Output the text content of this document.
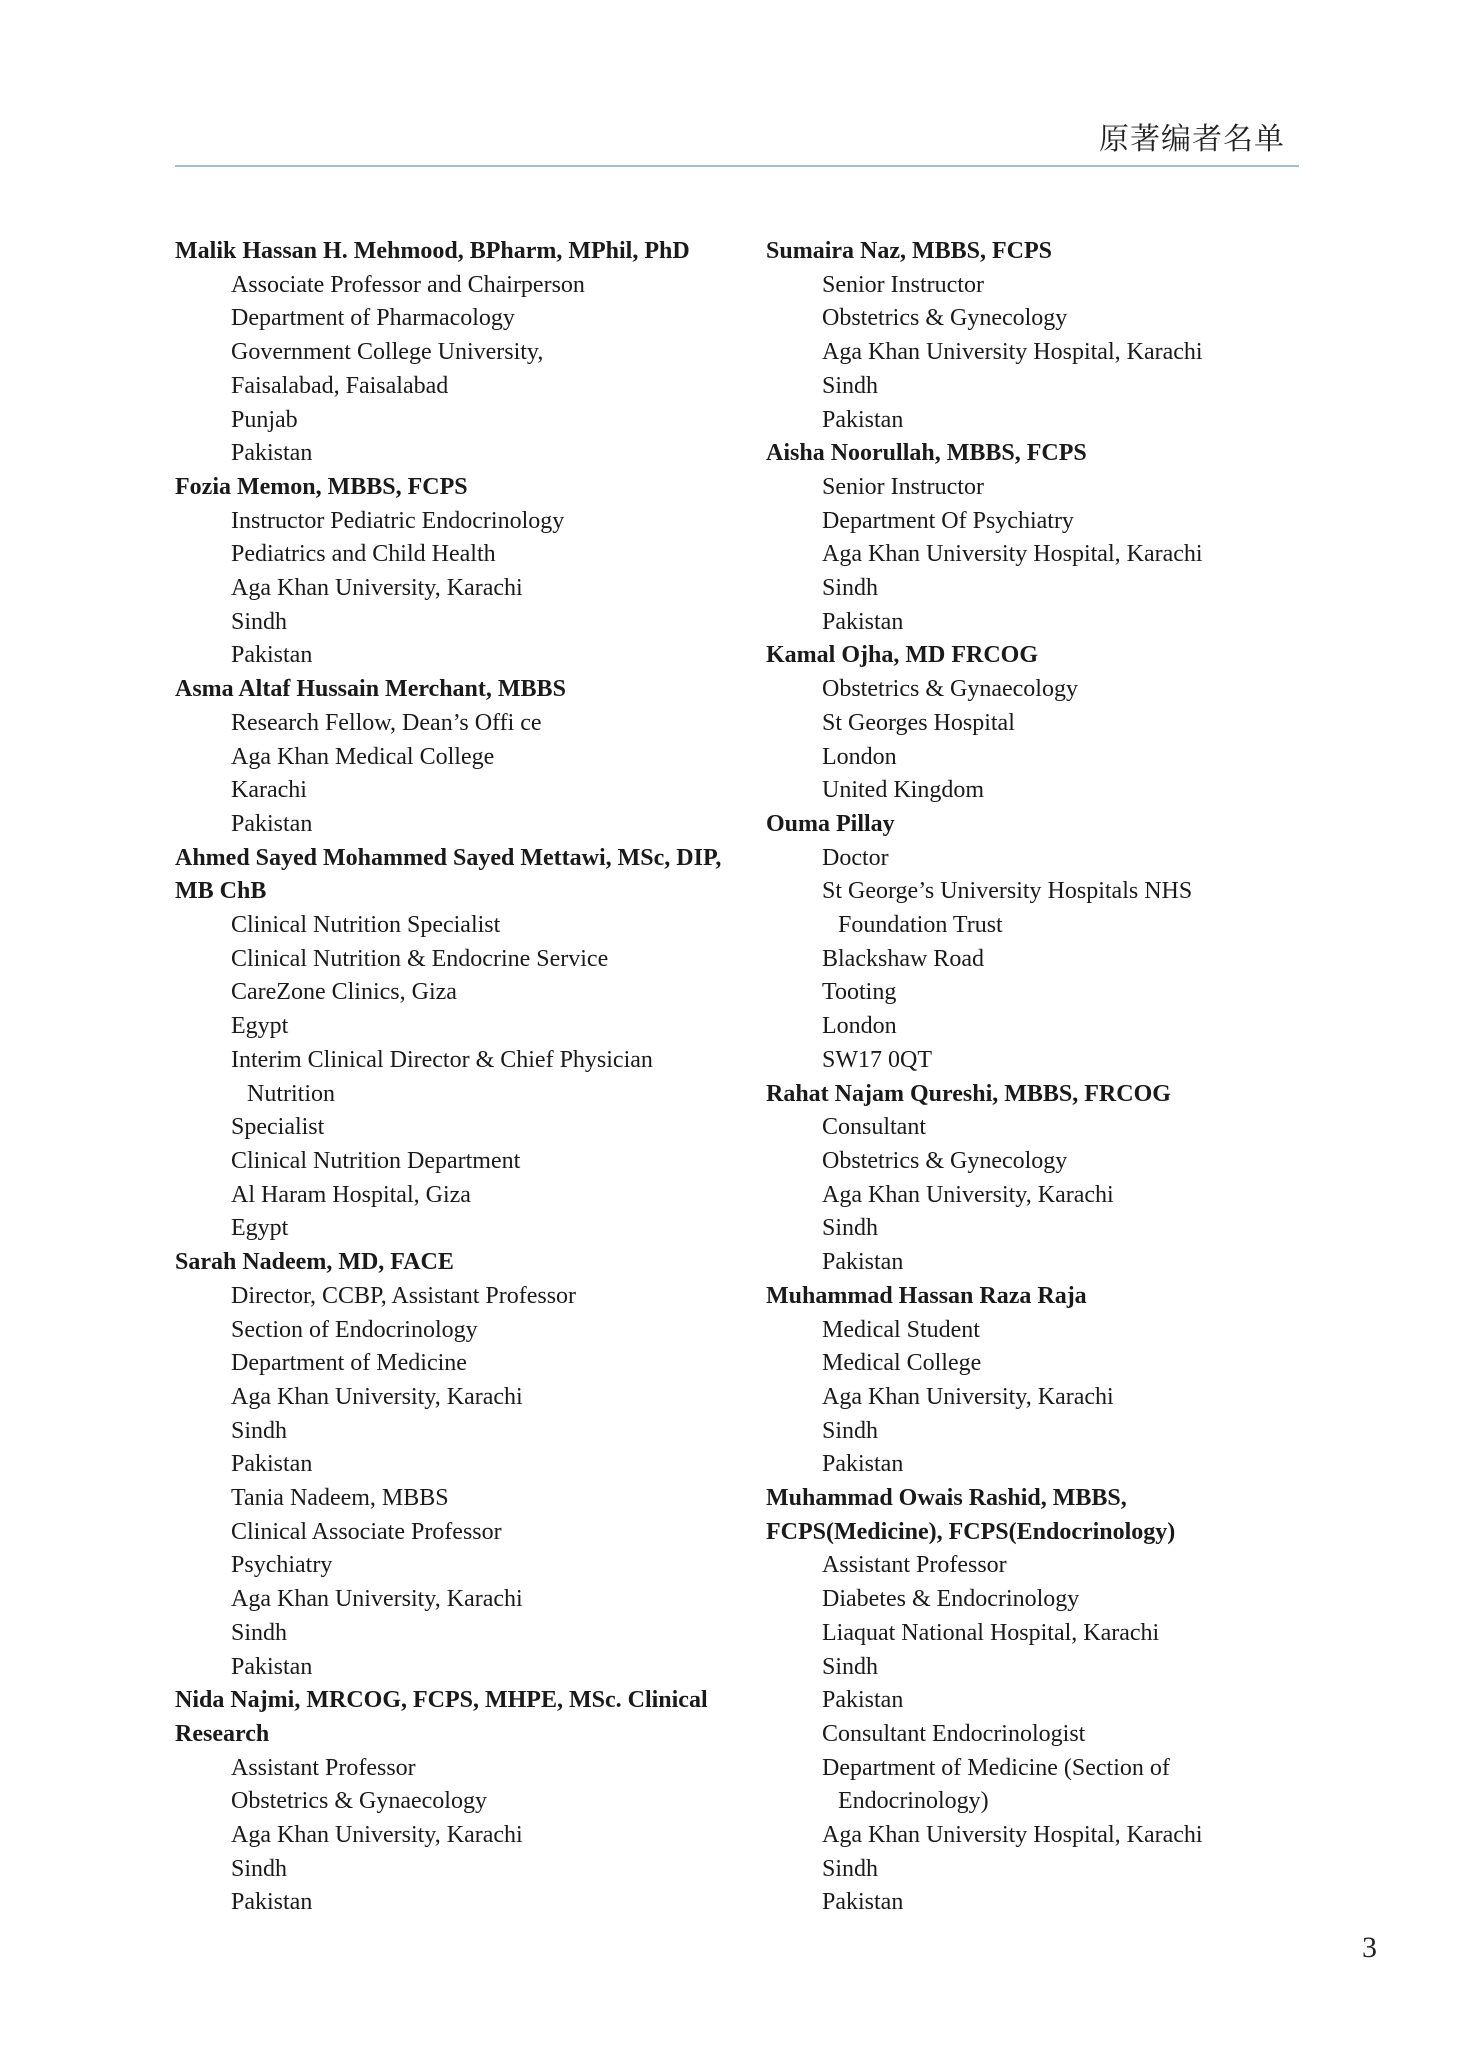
原著编者名单
Malik Hassan H. Mehmood, BPharm, MPhil, PhD
Associate Professor and Chairperson
Department of Pharmacology
Government College University,
Faisalabad, Faisalabad
Punjab
Pakistan
Fozia Memon, MBBS, FCPS
Instructor Pediatric Endocrinology
Pediatrics and Child Health
Aga Khan University, Karachi
Sindh
Pakistan
Asma Altaf Hussain Merchant, MBBS
Research Fellow, Dean’s Offi ce
Aga Khan Medical College
Karachi
Pakistan
Ahmed Sayed Mohammed Sayed Mettawi, MSc, DIP, MB ChB
Clinical Nutrition Specialist
Clinical Nutrition & Endocrine Service
CareZone Clinics, Giza
Egypt
Interim Clinical Director & Chief Physician Nutrition
Specialist
Clinical Nutrition Department
Al Haram Hospital, Giza
Egypt
Sarah Nadeem, MD, FACE
Director, CCBP, Assistant Professor
Section of Endocrinology
Department of Medicine
Aga Khan University, Karachi
Sindh
Pakistan
Tania Nadeem, MBBS
Clinical Associate Professor
Psychiatry
Aga Khan University, Karachi
Sindh
Pakistan
Nida Najmi, MRCOG, FCPS, MHPE, MSc. Clinical Research
Assistant Professor
Obstetrics & Gynaecology
Aga Khan University, Karachi
Sindh
Pakistan
Sumaira Naz, MBBS, FCPS
Senior Instructor
Obstetrics & Gynecology
Aga Khan University Hospital, Karachi
Sindh
Pakistan
Aisha Noorullah, MBBS, FCPS
Senior Instructor
Department Of Psychiatry
Aga Khan University Hospital, Karachi
Sindh
Pakistan
Kamal Ojha, MD FRCOG
Obstetrics & Gynaecology
St Georges Hospital
London
United Kingdom
Ouma Pillay
Doctor
St George’s University Hospitals NHS Foundation Trust
Blackshaw Road
Tooting
London
SW17 0QT
Rahat Najam Qureshi, MBBS, FRCOG
Consultant
Obstetrics & Gynecology
Aga Khan University, Karachi
Sindh
Pakistan
Muhammad Hassan Raza Raja
Medical Student
Medical College
Aga Khan University, Karachi
Sindh
Pakistan
Muhammad Owais Rashid, MBBS, FCPS(Medicine), FCPS(Endocrinology)
Assistant Professor
Diabetes & Endocrinology
Liaquat National Hospital, Karachi
Sindh
Pakistan
Consultant Endocrinologist
Department of Medicine (Section of Endocrinology)
Aga Khan University Hospital, Karachi
Sindh
Pakistan
3
